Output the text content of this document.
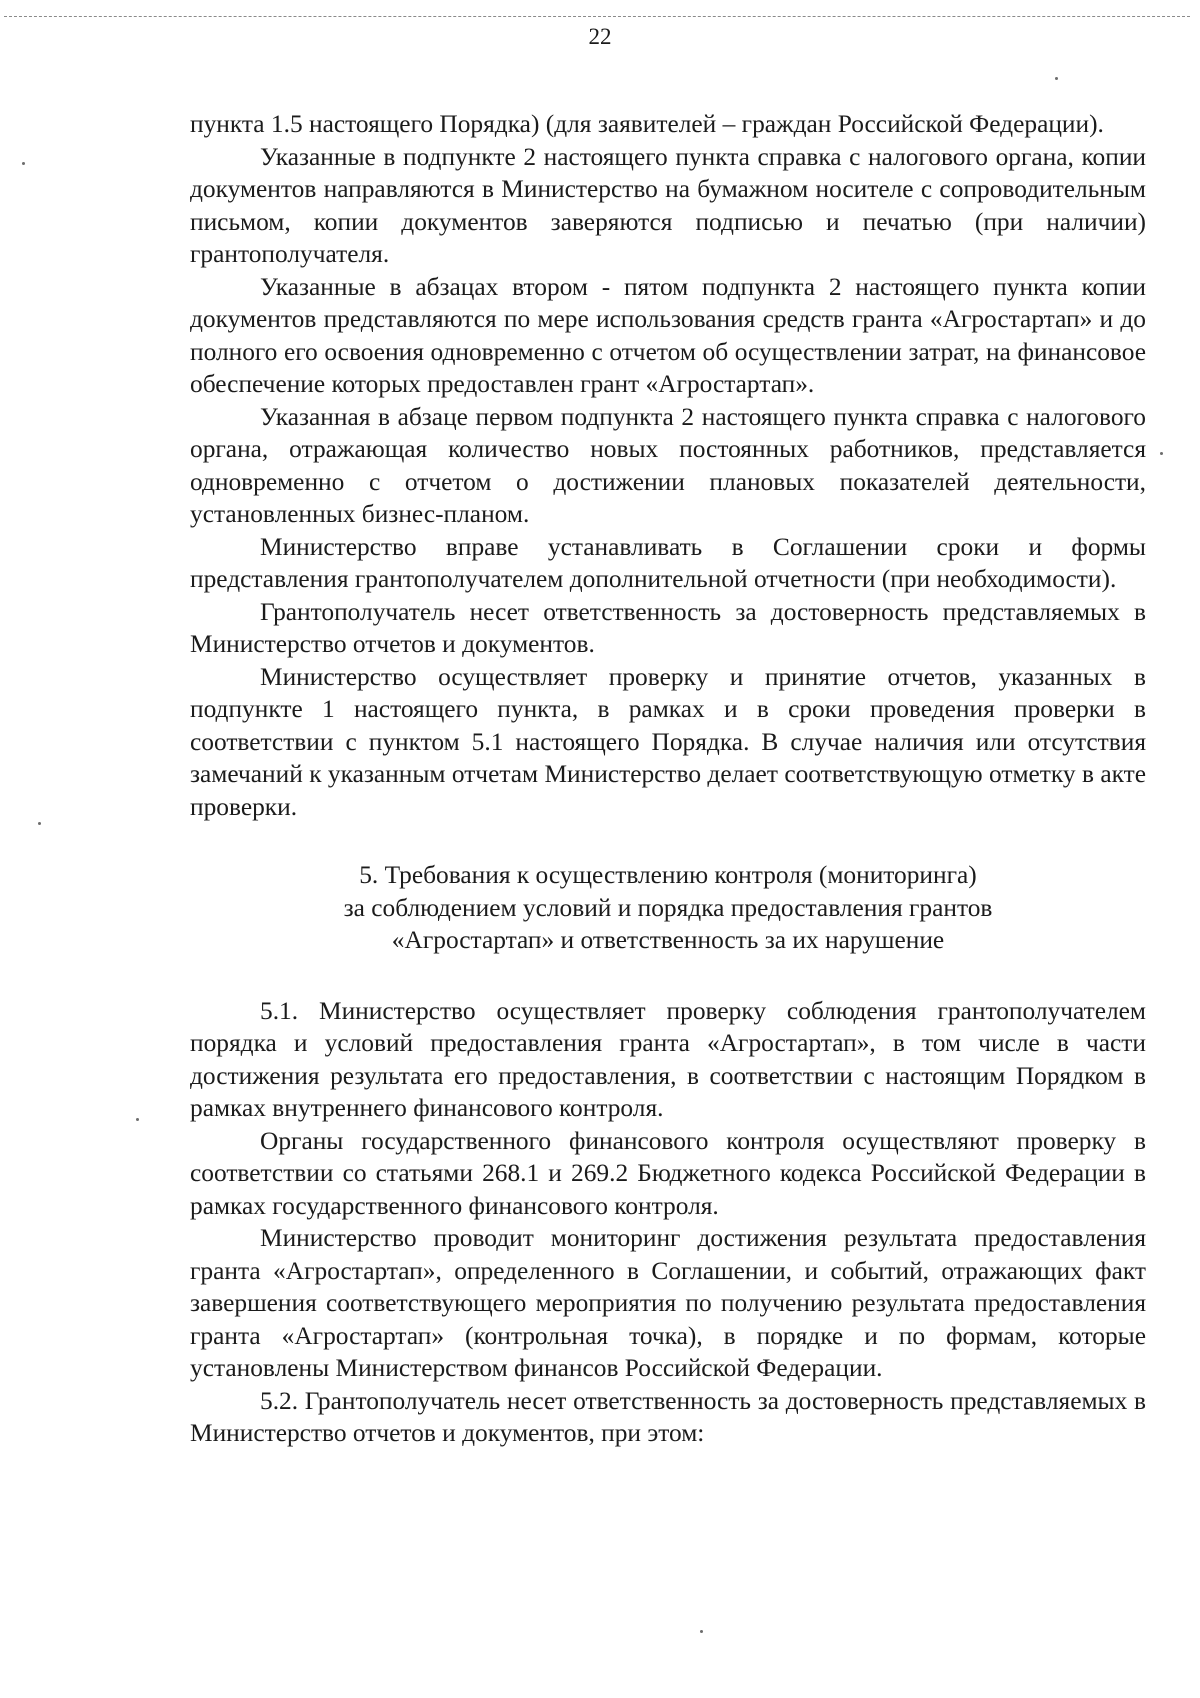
22

пункта 1.5 настоящего Порядка) (для заявителей – граждан Российской Федерации).

Указанные в подпункте 2 настоящего пункта справка с налогового органа, копии документов направляются в Министерство на бумажном носителе с сопроводительным письмом, копии документов заверяются подписью и печатью (при наличии) грантополучателя.

Указанные в абзацах втором - пятом подпункта 2 настоящего пункта копии документов представляются по мере использования средств гранта «Агростартап» и до полного его освоения одновременно с отчетом об осуществлении затрат, на финансовое обеспечение которых предоставлен грант «Агростартап».

Указанная в абзаце первом подпункта 2 настоящего пункта справка с налогового органа, отражающая количество новых постоянных работников, представляется одновременно с отчетом о достижении плановых показателей деятельности, установленных бизнес-планом.

Министерство вправе устанавливать в Соглашении сроки и формы представления грантополучателем дополнительной отчетности (при необходимости).

Грантополучатель несет ответственность за достоверность представляемых в Министерство отчетов и документов.

Министерство осуществляет проверку и принятие отчетов, указанных в подпункте 1 настоящего пункта, в рамках и в сроки проведения проверки в соответствии с пунктом 5.1 настоящего Порядка. В случае наличия или отсутствия замечаний к указанным отчетам Министерство делает соответствующую отметку в акте проверки.

5. Требования к осуществлению контроля (мониторинга)
за соблюдением условий и порядка предоставления грантов
«Агростартап» и ответственность за их нарушение

5.1. Министерство осуществляет проверку соблюдения грантополучателем порядка и условий предоставления гранта «Агростартап», в том числе в части достижения результата его предоставления, в соответствии с настоящим Порядком в рамках внутреннего финансового контроля.

Органы государственного финансового контроля осуществляют проверку в соответствии со статьями 268.1 и 269.2 Бюджетного кодекса Российской Федерации в рамках государственного финансового контроля.

Министерство проводит мониторинг достижения результата предоставления гранта «Агростартап», определенного в Соглашении, и событий, отражающих факт завершения соответствующего мероприятия по получению результата предоставления гранта «Агростартап» (контрольная точка), в порядке и по формам, которые установлены Министерством финансов Российской Федерации.

5.2. Грантополучатель несет ответственность за достоверность представляемых в Министерство отчетов и документов, при этом:
